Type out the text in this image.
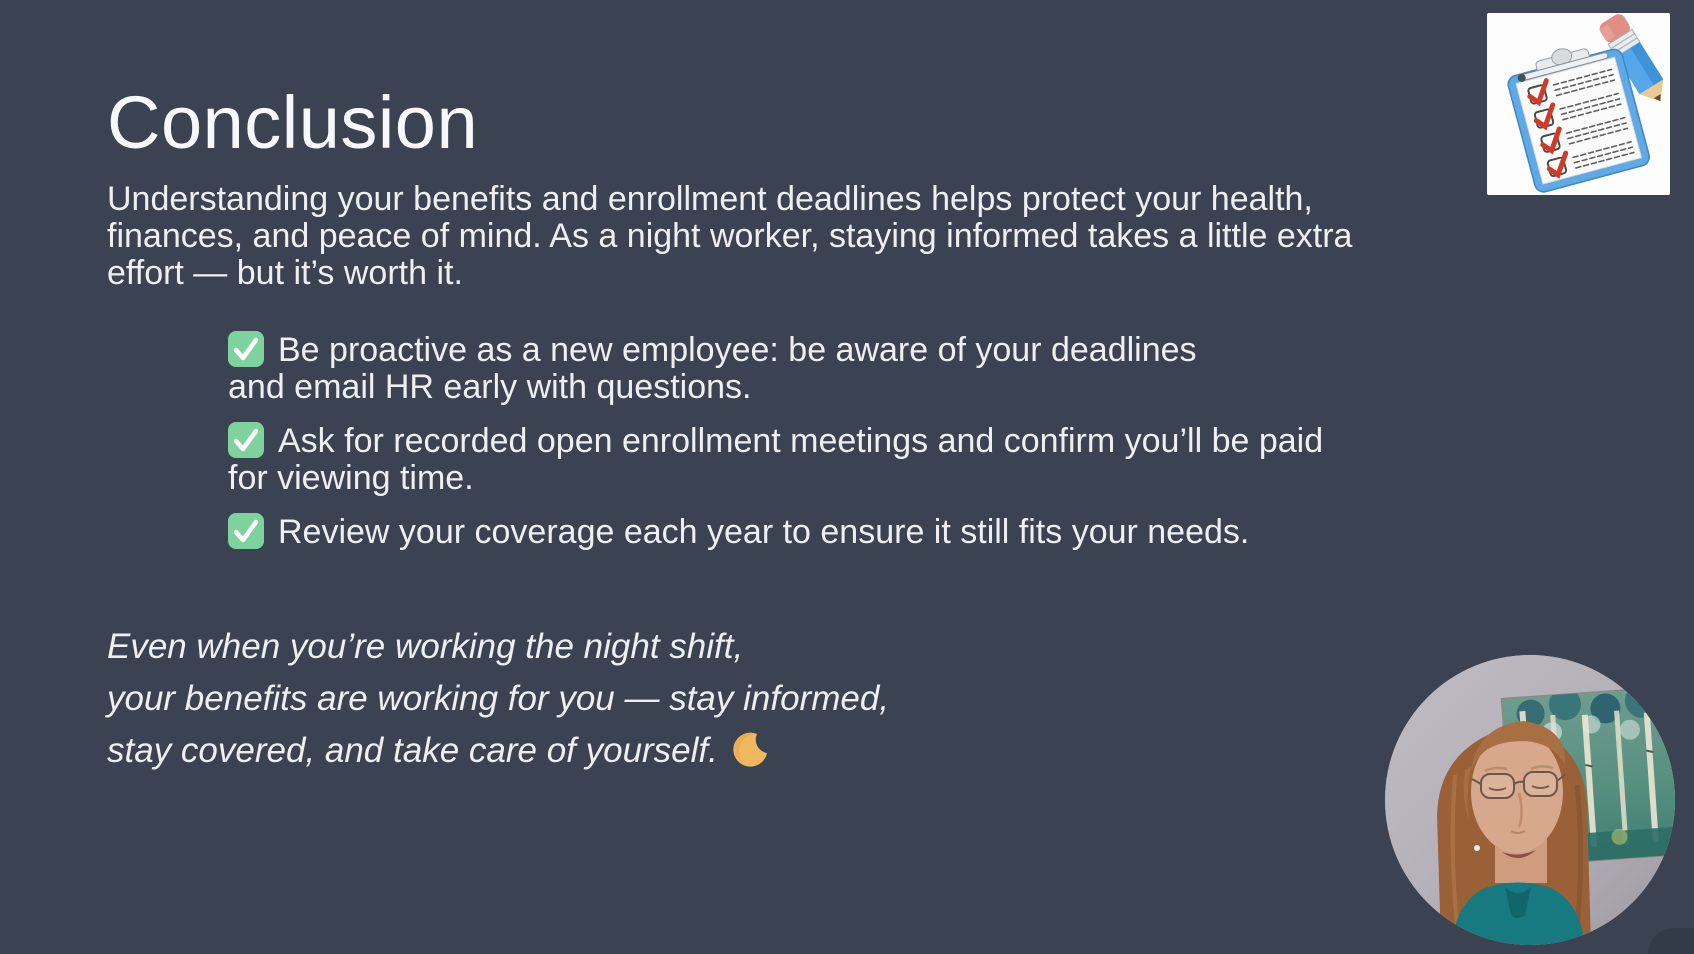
Conclusion
Understanding your benefits and enrollment deadlines helps protect your health, finances, and peace of mind. As a night worker, staying informed takes a little extra effort — but it’s worth it.
Be proactive as a new employee: be aware of your deadlines and email HR early with questions.
Ask for recorded open enrollment meetings and confirm you’ll be paid for viewing time.
Review your coverage each year to ensure it still fits your needs.
Even when you’re working the night shift,
your benefits are working for you — stay informed,
stay covered, and take care of yourself.
